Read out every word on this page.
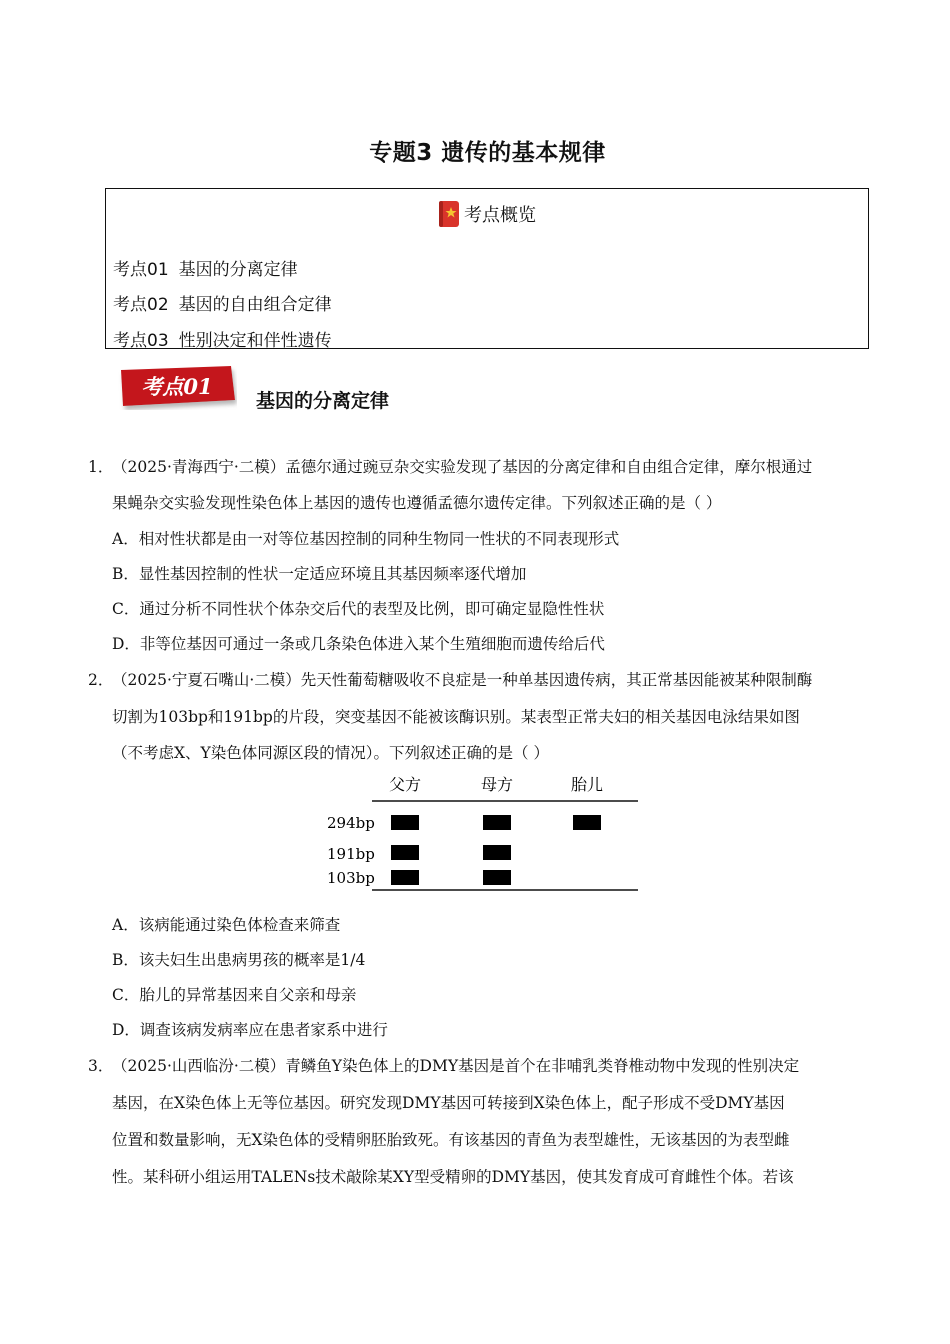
专题3 遗传的基本规律
考点概览
考点01 基因的分离定律
考点02 基因的自由组合定律
考点03 性别决定和伴性遗传
考点01
基因的分离定律
1．
（2025·青海西宁·二模）孟德尔通过豌豆杂交实验发现了基因的分离定律和自由组合定律，摩尔根通过
果蝇杂交实验发现性染色体上基因的遗传也遵循孟德尔遗传定律。下列叙述正确的是（ ）
A．相对性状都是由一对等位基因控制的同种生物同一性状的不同表现形式
B．显性基因控制的性状一定适应环境且其基因频率逐代增加
C．通过分析不同性状个体杂交后代的表型及比例，即可确定显隐性性状
D．非等位基因可通过一条或几条染色体进入某个生殖细胞而遗传给后代
2．
（2025·宁夏石嘴山·二模）先天性葡萄糖吸收不良症是一种单基因遗传病，其正常基因能被某种限制酶
切割为103bp和191bp的片段，突变基因不能被该酶识别。某表型正常夫妇的相关基因电泳结果如图
（不考虑X、Y染色体同源区段的情况）。下列叙述正确的是（ ）
父方	母方	胎儿
294bp
191bp
103bp
A．该病能通过染色体检查来筛查
B．该夫妇生出患病男孩的概率是1/4
C．胎儿的异常基因来自父亲和母亲
D．调查该病发病率应在患者家系中进行
3．
（2025·山西临汾·二模）青鳞鱼Y染色体上的DMY基因是首个在非哺乳类脊椎动物中发现的性别决定
基因，在X染色体上无等位基因。研究发现DMY基因可转接到X染色体上，配子形成不受DMY基因
位置和数量影响，无X染色体的受精卵胚胎致死。有该基因的青鱼为表型雄性，无该基因的为表型雌
性。某科研小组运用TALENs技术敲除某XY型受精卵的DMY基因，使其发育成可育雌性个体。若该
